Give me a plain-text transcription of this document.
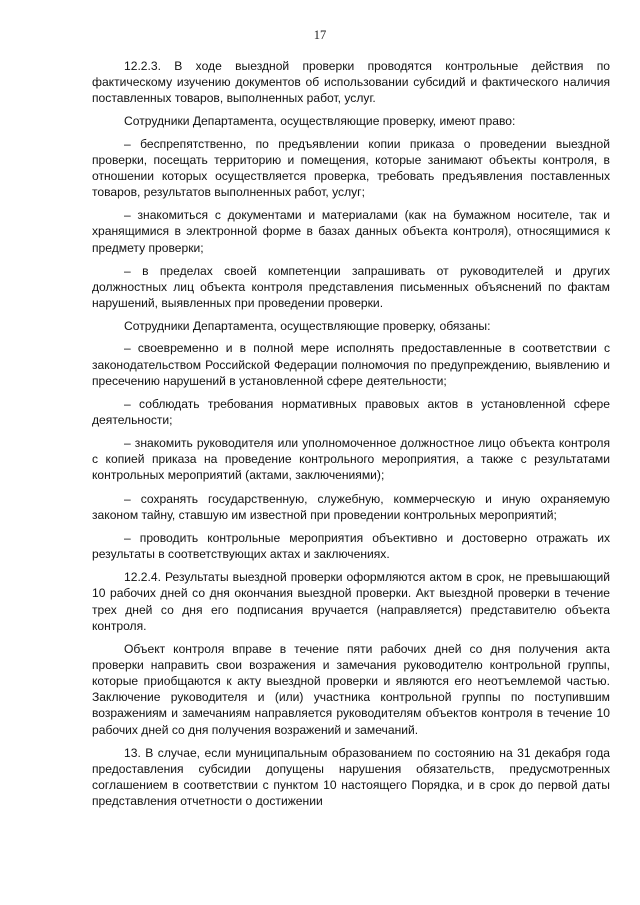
17

12.2.3. В ходе выездной проверки проводятся контрольные действия по фактическому изучению документов об использовании субсидий и фактического наличия поставленных товаров, выполненных работ, услуг.

Сотрудники Департамента, осуществляющие проверку, имеют право:

– беспрепятственно, по предъявлении копии приказа о проведении выездной проверки, посещать территорию и помещения, которые занимают объекты контроля, в отношении которых осуществляется проверка, требовать предъявления поставленных товаров, результатов выполненных работ, услуг;

– знакомиться с документами и материалами (как на бумажном носителе, так и хранящимися в электронной форме в базах данных объекта контроля), относящимися к предмету проверки;

– в пределах своей компетенции запрашивать от руководителей и других должностных лиц объекта контроля представления письменных объяснений по фактам нарушений, выявленных при проведении проверки.

Сотрудники Департамента, осуществляющие проверку, обязаны:

– своевременно и в полной мере исполнять предоставленные в соответствии с законодательством Российской Федерации полномочия по предупреждению, выявлению и пресечению нарушений в установленной сфере деятельности;

– соблюдать требования нормативных правовых актов в установленной сфере деятельности;

– знакомить руководителя или уполномоченное должностное лицо объекта контроля с копией приказа на проведение контрольного мероприятия, а также с результатами контрольных мероприятий (актами, заключениями);

– сохранять государственную, служебную, коммерческую и иную охраняемую законом тайну, ставшую им известной при проведении контрольных мероприятий;

– проводить контрольные мероприятия объективно и достоверно отражать их результаты в соответствующих актах и заключениях.

12.2.4. Результаты выездной проверки оформляются актом в срок, не превышающий 10 рабочих дней со дня окончания выездной проверки. Акт выездной проверки в течение трех дней со дня его подписания вручается (направляется) представителю объекта контроля.

Объект контроля вправе в течение пяти рабочих дней со дня получения акта проверки направить свои возражения и замечания руководителю контрольной группы, которые приобщаются к акту выездной проверки и являются его неотъемлемой частью. Заключение руководителя и (или) участника контрольной группы по поступившим возражениям и замечаниям направляется руководителям объектов контроля в течение 10 рабочих дней со дня получения возражений и замечаний.

13. В случае, если муниципальным образованием по состоянию на 31 декабря года предоставления субсидии допущены нарушения обязательств, предусмотренных соглашением в соответствии с пунктом 10 настоящего Порядка, и в срок до первой даты представления отчетности о достижении
